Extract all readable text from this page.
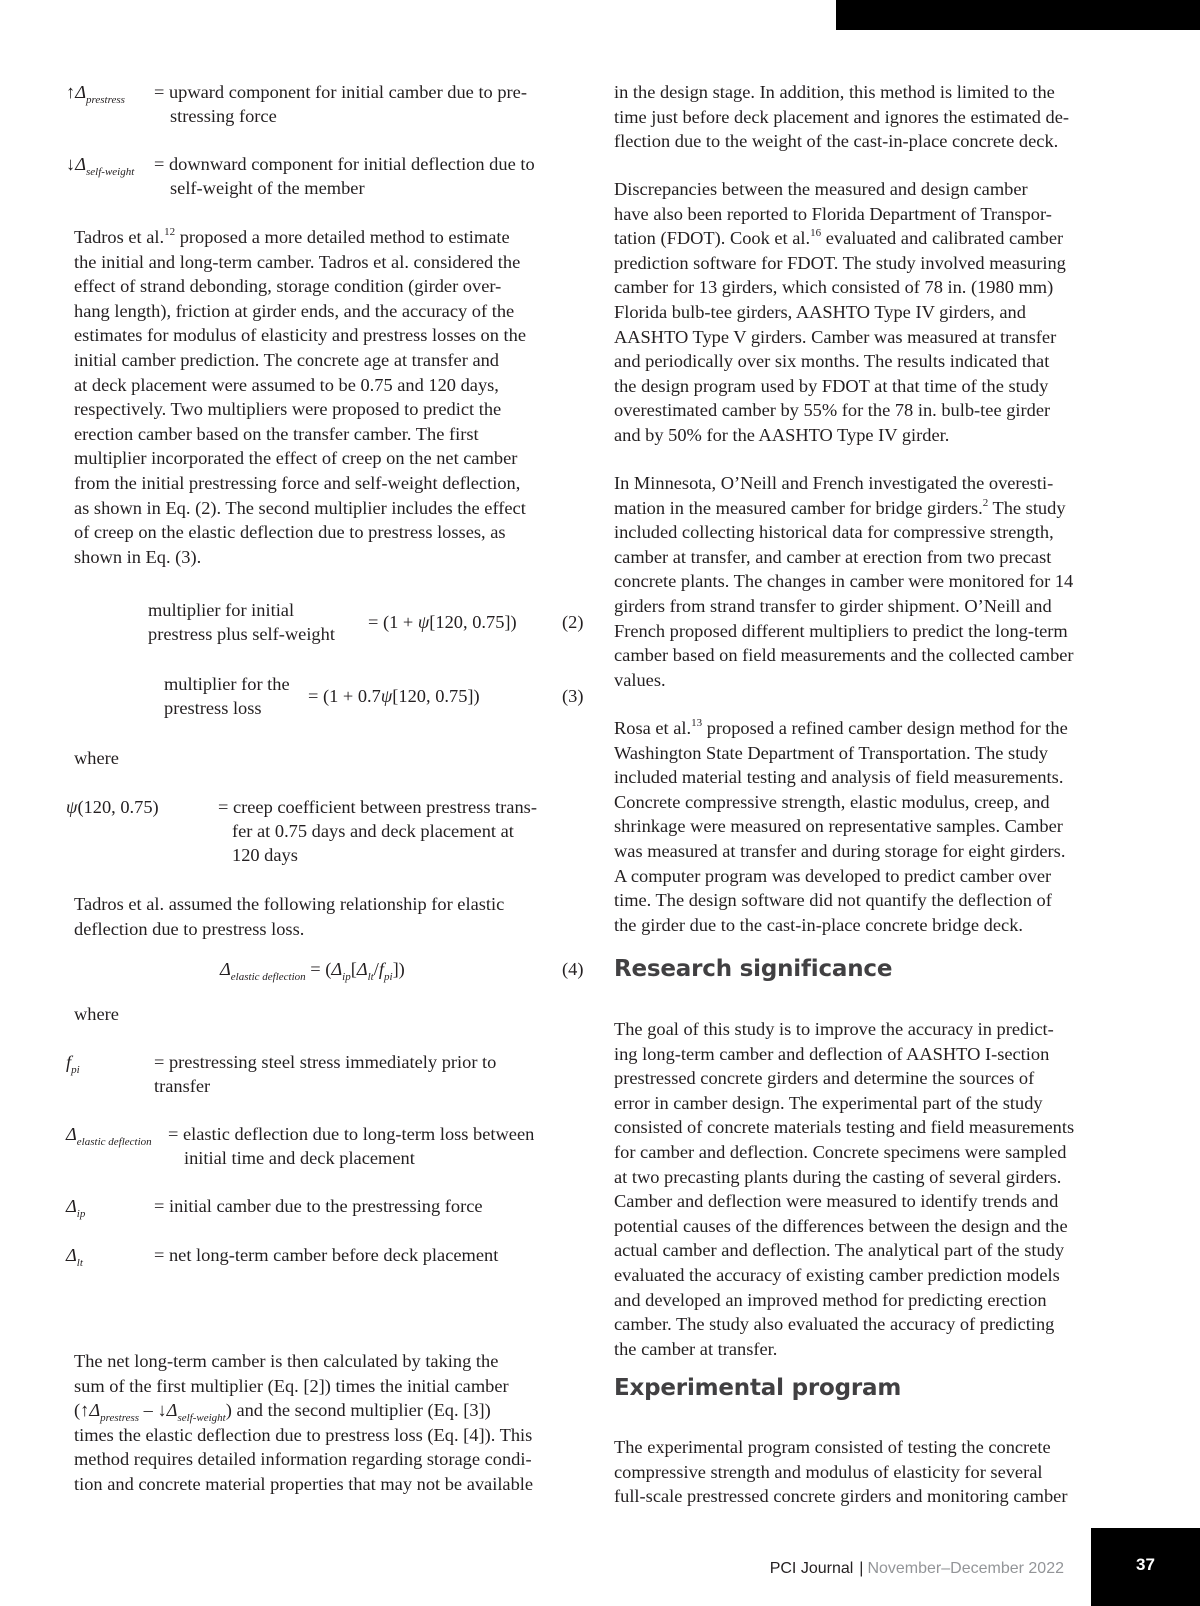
$↑\Delta_{prestress}$ = upward component for initial camber due to pre-
stressing force
$↓\Delta_{self-weight}$ = downward component for initial deflection due to
self-weight of the member

Tadros et al.$^{12}$ proposed a more detailed method to estimate

the initial and long-term camber. Tadros et al. considered the

effect of strand debonding, storage condition (girder over-

hang length), friction at girder ends, and the accuracy of the

estimates for modulus of elasticity and prestress losses on the

initial camber prediction. The concrete age at transfer and

at deck placement were assumed to be 0.75 and 120 days,

respectively. Two multipliers were proposed to predict the

erection camber based on the transfer camber. The first

multiplier incorporated the effect of creep on the net camber

from the initial prestressing force and self-weight deflection,

as shown in Eq. (2). The second multiplier includes the effect

of creep on the elastic deflection due to prestress losses, as

shown in Eq. (3).

multiplier for initial
prestress plus self-weight
= (1 + ψ[120, 0.75]) (2)
multiplier for the
prestress loss
= (1 + 0.7ψ[120, 0.75])	(3)

where

ψ(120, 0.75)	= creep coefficient between prestress trans-
fer at 0.75 days and deck placement at
120 days

Tadros et al. assumed the following relationship for elastic

deflection due to prestress loss.

$\Delta_{elastic deflection} = (\Delta_{ip}[\Delta_{lt}/f_{pi}])$	(4)

where

$f_{pi}$	= prestressing steel stress immediately prior to
transfer
$\Delta_{elastic deflection}$ = elastic deflection due to long-term loss between
initial time and deck placement
$\Delta_{ip}$	= initial camber due to the prestressing force
$\Delta_{lt}$	= net long-term camber before deck placement

The net long-term camber is then calculated by taking the

sum of the first multiplier (Eq. [2]) times the initial camber

($↑\Delta_{prestress}$ – $↓\Delta_{self-weight}$) and the second multiplier (Eq. [3])

times the elastic deflection due to prestress loss (Eq. [4]). This

method requires detailed information regarding storage condi-

tion and concrete material properties that may not be available

in the design stage. In addition, this method is limited to the

time just before deck placement and ignores the estimated de-

flection due to the weight of the cast-in-place concrete deck.

Discrepancies between the measured and design camber

have also been reported to Florida Department of Transpor-

tation (FDOT). Cook et al.$^{16}$ evaluated and calibrated camber

prediction software for FDOT. The study involved measuring

camber for 13 girders, which consisted of 78 in. (1980 mm)

Florida bulb-tee girders, AASHTO Type IV girders, and

AASHTO Type V girders. Camber was measured at transfer

and periodically over six months. The results indicated that

the design program used by FDOT at that time of the study

overestimated camber by 55% for the 78 in. bulb-tee girder

and by 50% for the AASHTO Type IV girder.

In Minnesota, O’Neill and French investigated the overesti-

mation in the measured camber for bridge girders.$^2$ The study

included collecting historical data for compressive strength,

camber at transfer, and camber at erection from two precast

concrete plants. The changes in camber were monitored for 14

girders from strand transfer to girder shipment. O’Neill and

French proposed different multipliers to predict the long-term

camber based on field measurements and the collected camber

values.

Rosa et al.$^{13}$ proposed a refined camber design method for the

Washington State Department of Transportation. The study

included material testing and analysis of field measurements.

Concrete compressive strength, elastic modulus, creep, and

shrinkage were measured on representative samples. Camber

was measured at transfer and during storage for eight girders.

A computer program was developed to predict camber over

time. The design software did not quantify the deflection of

the girder due to the cast-in-place concrete bridge deck.

Research significance

The goal of this study is to improve the accuracy in predict-

ing long-term camber and deflection of AASHTO I-section

prestressed concrete girders and determine the sources of

error in camber design. The experimental part of the study

consisted of concrete materials testing and field measurements

for camber and deflection. Concrete specimens were sampled

at two precasting plants during the casting of several girders.

Camber and deflection were measured to identify trends and

potential causes of the differences between the design and the

actual camber and deflection. The analytical part of the study

evaluated the accuracy of existing camber prediction models

and developed an improved method for predicting erection

camber. The study also evaluated the accuracy of predicting

the camber at transfer.

Experimental program

The experimental program consisted of testing the concrete

compressive strength and modulus of elasticity for several

full-scale prestressed concrete girders and monitoring camber

PCI Journal | November–December 2022	37
